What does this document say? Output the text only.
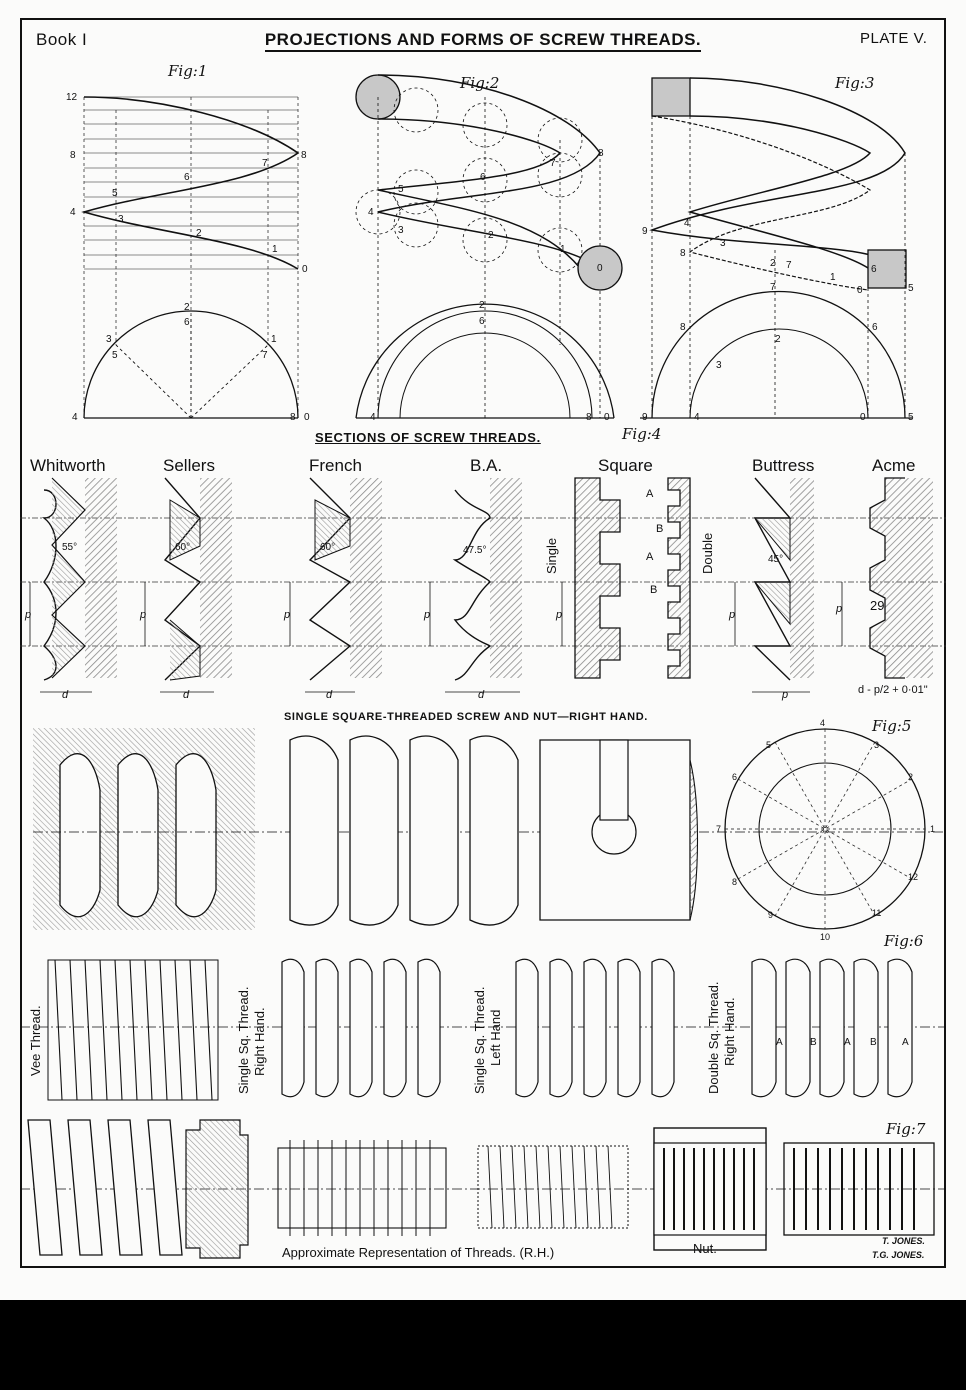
Book I	PROJECTIONS AND FORMS OF SCREW THREADS.	PLATE V.
Fig:1
Fig:2	Fig:3
Fig:4
Fig:5
Fig:6
Fig:7
12
8
4
8
0
5
3
6
2
7
1
2
6
3
5
1
7
4	8 0
6
2
5
4
3
7
8
1
0
2
6
4	0
8
9
4
3
8
2 7
1
0	5
6
7
2
8	6
3
9	4	0	5
p	p	p	p	p	p	p
d	d	d	d	p
B
A
A
B
4
5	3
6	2
7	1
8	12
9	11
10
A	B	A B	A
SECTIONS OF SCREW THREADS.
Whitworth	Sellers	French	B.A.	Square	Buttress	Acme
55°	60°	60°	47.5°
45°
29
d - p/2 + 0·01"
Single	Double
SINGLE SQUARE-THREADED SCREW AND NUT—RIGHT HAND.
Vee Thread.	Single Sq. Thread. Right Hand.	Single Sq. Thread. Left Hand	Double Sq. Thread. Right Hand.
Approximate Representation of Threads. (R.H.)	Nut.	T. JONES.
T.G. JONES.
